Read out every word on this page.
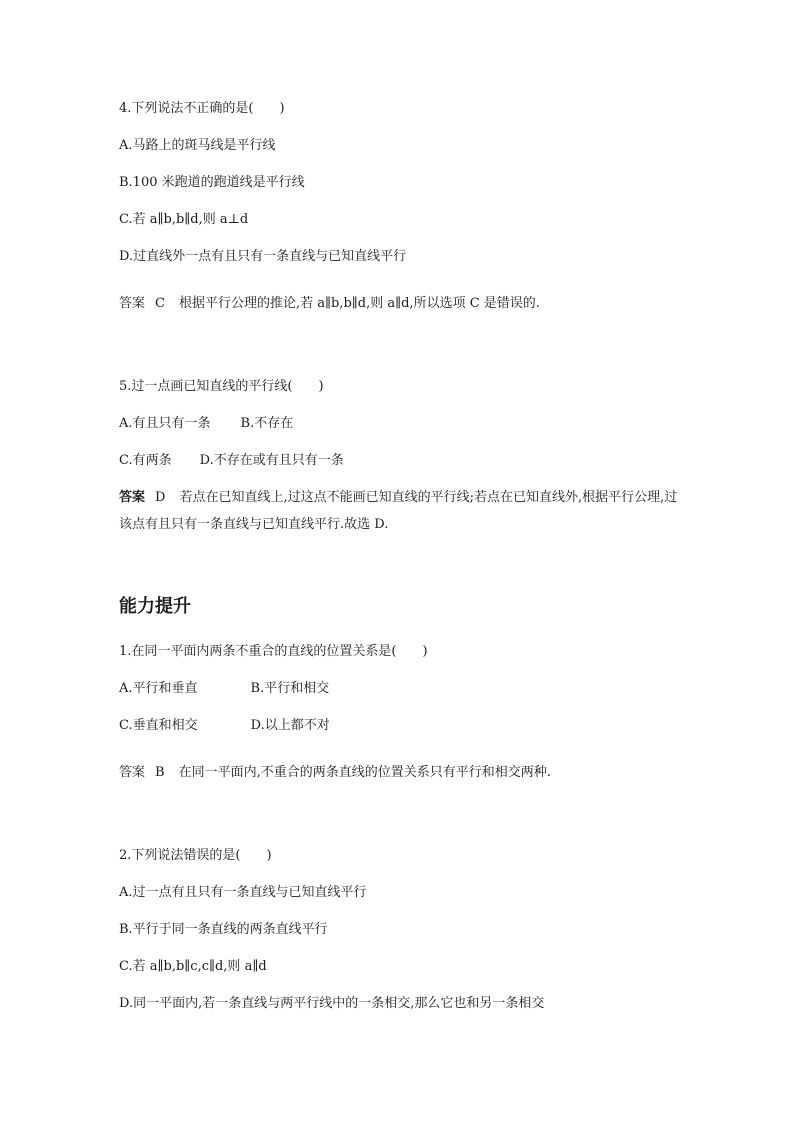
4.下列说法不正确的是(　　)
A.马路上的斑马线是平行线
B.100 米跑道的跑道线是平行线
C.若 a∥b,b∥d,则 a⊥d
D.过直线外一点有且只有一条直线与已知直线平行
答案 C 根据平行公理的推论,若 a∥b,b∥d,则 a∥d,所以选项 C 是错误的.
5.过一点画已知直线的平行线(　　)
A.有且只有一条 B.不存在
C.有两条 D.不存在或有且只有一条
答案 D 若点在已知直线上,过这点不能画已知直线的平行线;若点在已知直线外,根据平行公理,过该点有且只有一条直线与已知直线平行.故选 D.
能力提升
1.在同一平面内两条不重合的直线的位置关系是(　　)
A.平行和垂直	B.平行和相交
C.垂直和相交	D.以上都不对
答案 B 在同一平面内,不重合的两条直线的位置关系只有平行和相交两种.
2.下列说法错误的是(　　)
A.过一点有且只有一条直线与已知直线平行
B.平行于同一条直线的两条直线平行
C.若 a∥b,b∥c,c∥d,则 a∥d
D.同一平面内,若一条直线与两平行线中的一条相交,那么它也和另一条相交
